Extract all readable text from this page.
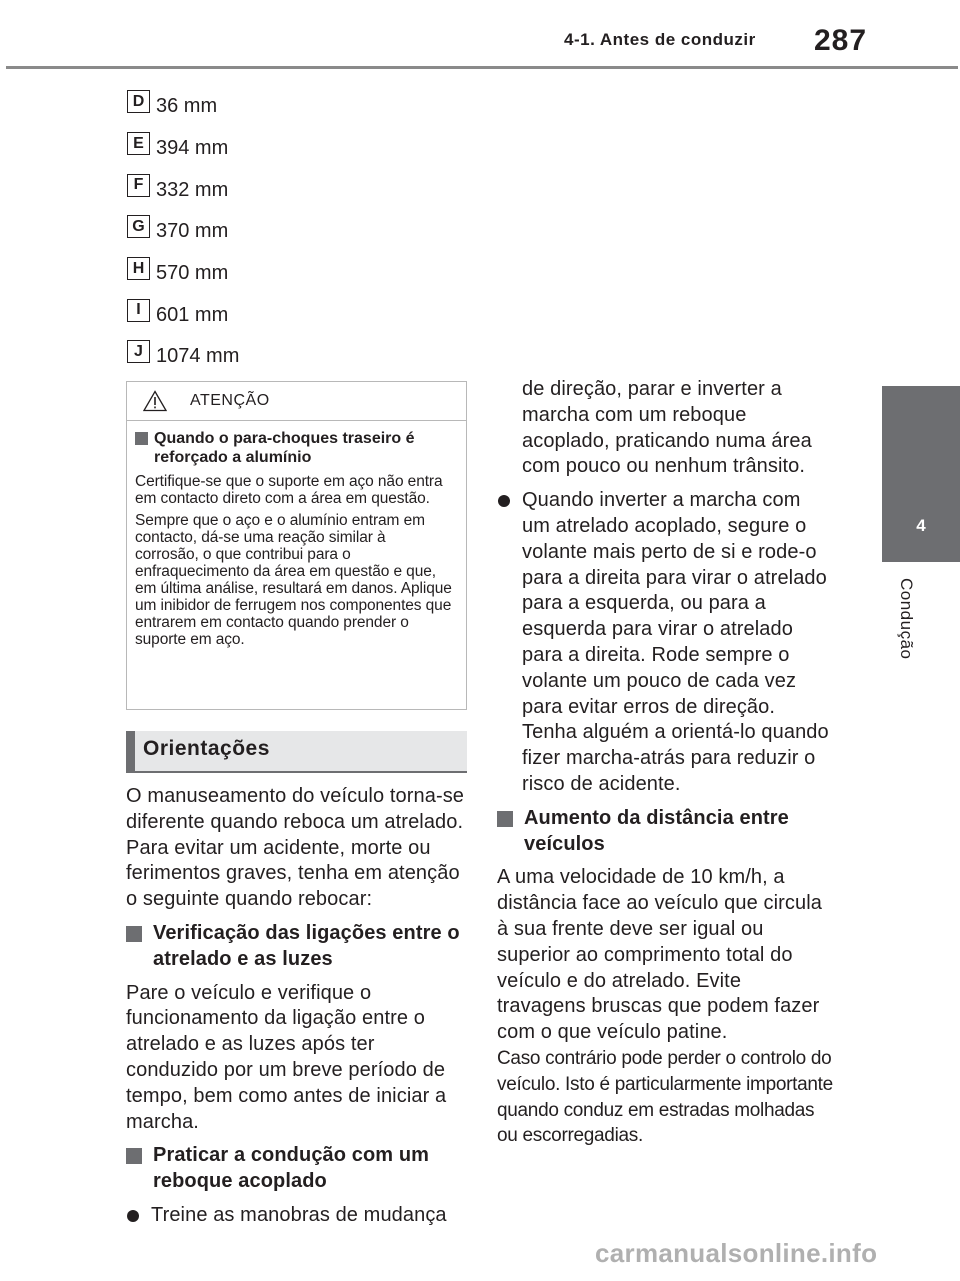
4-1. Antes de conduzir 287
4
Condução
D 36 mm
E 394 mm
F 332 mm
G 370 mm
H 570 mm
I 601 mm
J 1074 mm
ATENÇÃO
Quando o para-choques traseiro é reforçado a alumínio

Certifique-se que o suporte em aço não entra em contacto direto com a área em questão.

Sempre que o aço e o alumínio entram em contacto, dá-se uma reação similar à corrosão, o que contribui para o enfraquecimento da área em questão e que, em última análise, resultará em danos. Aplique um inibidor de ferrugem nos componentes que entrarem em contacto quando prender o suporte em aço.

Orientações

O manuseamento do veículo torna-se diferente quando reboca um atrelado. Para evitar um acidente, morte ou ferimentos graves, tenha em atenção o seguinte quando rebocar:

Verificação das ligações entre o atrelado e as luzes

Pare o veículo e verifique o funcionamento da ligação entre o atrelado e as luzes após ter conduzido por um breve período de tempo, bem como antes de iniciar a marcha.

Praticar a condução com um reboque acoplado
Treine as manobras de mudança

de direção, parar e inverter a marcha com um reboque acoplado, praticando numa área com pouco ou nenhum trânsito.

Quando inverter a marcha com um atrelado acoplado, segure o volante mais perto de si e rode-o para a direita para virar o atrelado para a esquerda, ou para a esquerda para virar o atrelado para a direita. Rode sempre o volante um pouco de cada vez para evitar erros de direção. Tenha alguém a orientá-lo quando fizer marcha-atrás para reduzir o risco de acidente.
Aumento da distância entre veículos

A uma velocidade de 10 km/h, a distância face ao veículo que circula à sua frente deve ser igual ou superior ao comprimento total do veículo e do atrelado. Evite travagens bruscas que podem fazer com o que veículo patine.

Caso contrário pode perder o controlo do veículo. Isto é particularmente importante quando conduz em estradas molhadas ou escorregadias.

carmanualsonline.info
